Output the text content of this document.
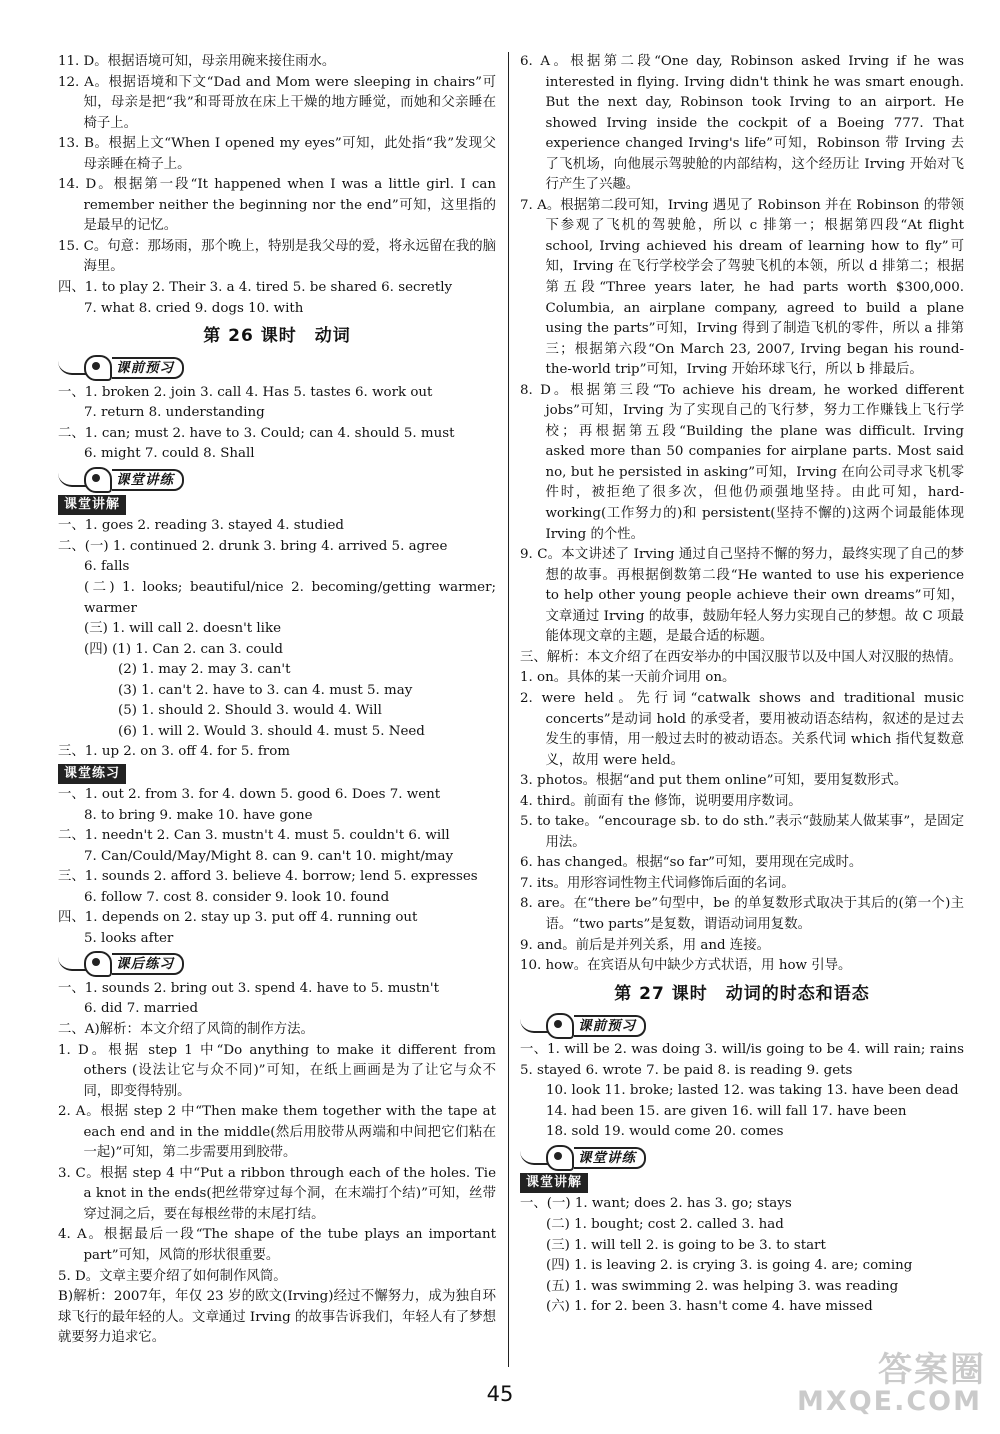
11. D。根据语境可知，母亲用碗来接住雨水。
12. A。根据语境和下文“Dad and Mom were sleeping in chairs”可知，母亲是把“我”和哥哥放在床上干燥的地方睡觉，而她和父亲睡在椅子上。
13. B。根据上文“When I opened my eyes”可知，此处指“我”发现父母亲睡在椅子上。
14. D。根据第一段“It happened when I was a little girl. I can remember neither the beginning nor the end”可知，这里指的是最早的记忆。
15. C。句意：那场雨，那个晚上，特别是我父母的爱，将永远留在我的脑海里。
四、1. to play 2. Their 3. a 4. tired 5. be shared 6. secretly
7. what 8. cried 9. dogs 10. with
第 26 课时 动词
课前预习
一、1. broken 2. join 3. call 4. Has 5. tastes 6. work out
7. return 8. understanding
二、1. can; must 2. have to 3. Could; can 4. should 5. must
6. might 7. could 8. Shall
课堂讲练
课堂讲解
一、1. goes 2. reading 3. stayed 4. studied
二、(一) 1. continued 2. drunk 3. bring 4. arrived 5. agree
6. falls
(二) 1. looks; beautiful/nice 2. becoming/getting warmer; warmer
(三) 1. will call 2. doesn't like
(四) (1) 1. Can 2. can 3. could
(2) 1. may 2. may 3. can't
(3) 1. can't 2. have to 3. can 4. must 5. may
(5) 1. should 2. Should 3. would 4. Will
(6) 1. will 2. Would 3. should 4. must 5. Need
三、1. up 2. on 3. off 4. for 5. from
课堂练习
一、1. out 2. from 3. for 4. down 5. good 6. Does 7. went
8. to bring 9. make 10. have gone
二、1. needn't 2. Can 3. mustn't 4. must 5. couldn't 6. will
7. Can/Could/May/Might 8. can 9. can't 10. might/may
三、1. sounds 2. afford 3. believe 4. borrow; lend 5. expresses
6. follow 7. cost 8. consider 9. look 10. found
四、1. depends on 2. stay up 3. put off 4. running out
5. looks after
课后练习
一、1. sounds 2. bring out 3. spend 4. have to 5. mustn't
6. did 7. married
二、A)解析：本文介绍了风筒的制作方法。
1. D。根据 step 1 中“Do anything to make it different from others (设法让它与众不同)”可知，在纸上画画是为了让它与众不同，即变得特别。
2. A。根据 step 2 中“Then make them together with the tape at each end and in the middle(然后用胶带从两端和中间把它们粘在一起)”可知，第二步需要用到胶带。
3. C。根据 step 4 中“Put a ribbon through each of the holes. Tie a knot in the ends(把丝带穿过每个洞，在末端打个结)”可知，丝带穿过洞之后，要在每根丝带的末尾打结。
4. A。根据最后一段“The shape of the tube plays an important part”可知，风筒的形状很重要。
5. D。文章主要介绍了如何制作风筒。
B)解析：2007年，年仅 23 岁的欧文(Irving)经过不懈努力，成为独自环球飞行的最年轻的人。文章通过 Irving 的故事告诉我们，年轻人有了梦想就要努力追求它。
6. A。根据第二段“One day, Robinson asked Irving if he was interested in flying. Irving didn't think he was smart enough. But the next day, Robinson took Irving to an airport. He showed Irving inside the cockpit of a Boeing 777. That experience changed Irving's life”可知，Robinson 带 Irving 去了飞机场，向他展示驾驶舱的内部结构，这个经历让 Irving 开始对飞行产生了兴趣。
7. A。根据第二段可知，Irving 遇见了 Robinson 并在 Robinson 的带领下参观了飞机的驾驶舱，所以 c 排第一；根据第四段“At flight school, Irving achieved his dream of learning how to fly”可知，Irving 在飞行学校学会了驾驶飞机的本领，所以 d 排第二；根据第五段“Three years later, he had parts worth $300,000. Columbia, an airplane company, agreed to build a plane using the parts”可知，Irving 得到了制造飞机的零件，所以 a 排第三；根据第六段“On March 23, 2007, Irving began his round-the-world trip”可知，Irving 开始环球飞行，所以 b 排最后。
8. D。根据第三段“To achieve his dream, he worked different jobs”可知，Irving 为了实现自己的飞行梦，努力工作赚钱上飞行学校；再根据第五段“Building the plane was difficult. Irving asked more than 50 companies for airplane parts. Most said no, but he persisted in asking”可知，Irving 在向公司寻求飞机零件时，被拒绝了很多次，但他仍顽强地坚持。由此可知，hard-working(工作努力的)和 persistent(坚持不懈的)这两个词最能体现 Irving 的个性。
9. C。本文讲述了 Irving 通过自己坚持不懈的努力，最终实现了自己的梦想的故事。再根据倒数第二段“He wanted to use his experience to help other young people achieve their own dreams”可知，文章通过 Irving 的故事，鼓励年轻人努力实现自己的梦想。故 C 项最能体现文章的主题，是最合适的标题。
三、解析：本文介绍了在西安举办的中国汉服节以及中国人对汉服的热情。
1. on。具体的某一天前介词用 on。
2. were held。先行词“catwalk shows and traditional music concerts”是动词 hold 的承受者，要用被动语态结构，叙述的是过去发生的事情，用一般过去时的被动语态。关系代词 which 指代复数意义，故用 were held。
3. photos。根据“and put them online”可知，要用复数形式。
4. third。前面有 the 修饰，说明要用序数词。
5. to take。“encourage sb. to do sth.”表示“鼓励某人做某事”，是固定用法。
6. has changed。根据“so far”可知，要用现在完成时。
7. its。用形容词性物主代词修饰后面的名词。
8. are。在“there be”句型中，be 的单复数形式取决于其后的(第一个)主语。“two parts”是复数，谓语动词用复数。
9. and。前后是并列关系，用 and 连接。
10. how。在宾语从句中缺少方式状语，用 how 引导。
第 27 课时 动词的时态和语态
课前预习
一、1. will be 2. was doing 3. will/is going to be 4. will rain; rains 5. stayed 6. wrote 7. be paid 8. is reading 9. gets
10. look 11. broke; lasted 12. was taking 13. have been dead
14. had been 15. are given 16. will fall 17. have been
18. sold 19. would come 20. comes
课堂讲练
课堂讲解
一、(一) 1. want; does 2. has 3. go; stays
(二) 1. bought; cost 2. called 3. had
(三) 1. will tell 2. is going to be 3. to start
(四) 1. is leaving 2. is crying 3. is going 4. are; coming
(五) 1. was swimming 2. was helping 3. was reading
(六) 1. for 2. been 3. hasn't come 4. have missed
45
答案圈
MXQE.COM
